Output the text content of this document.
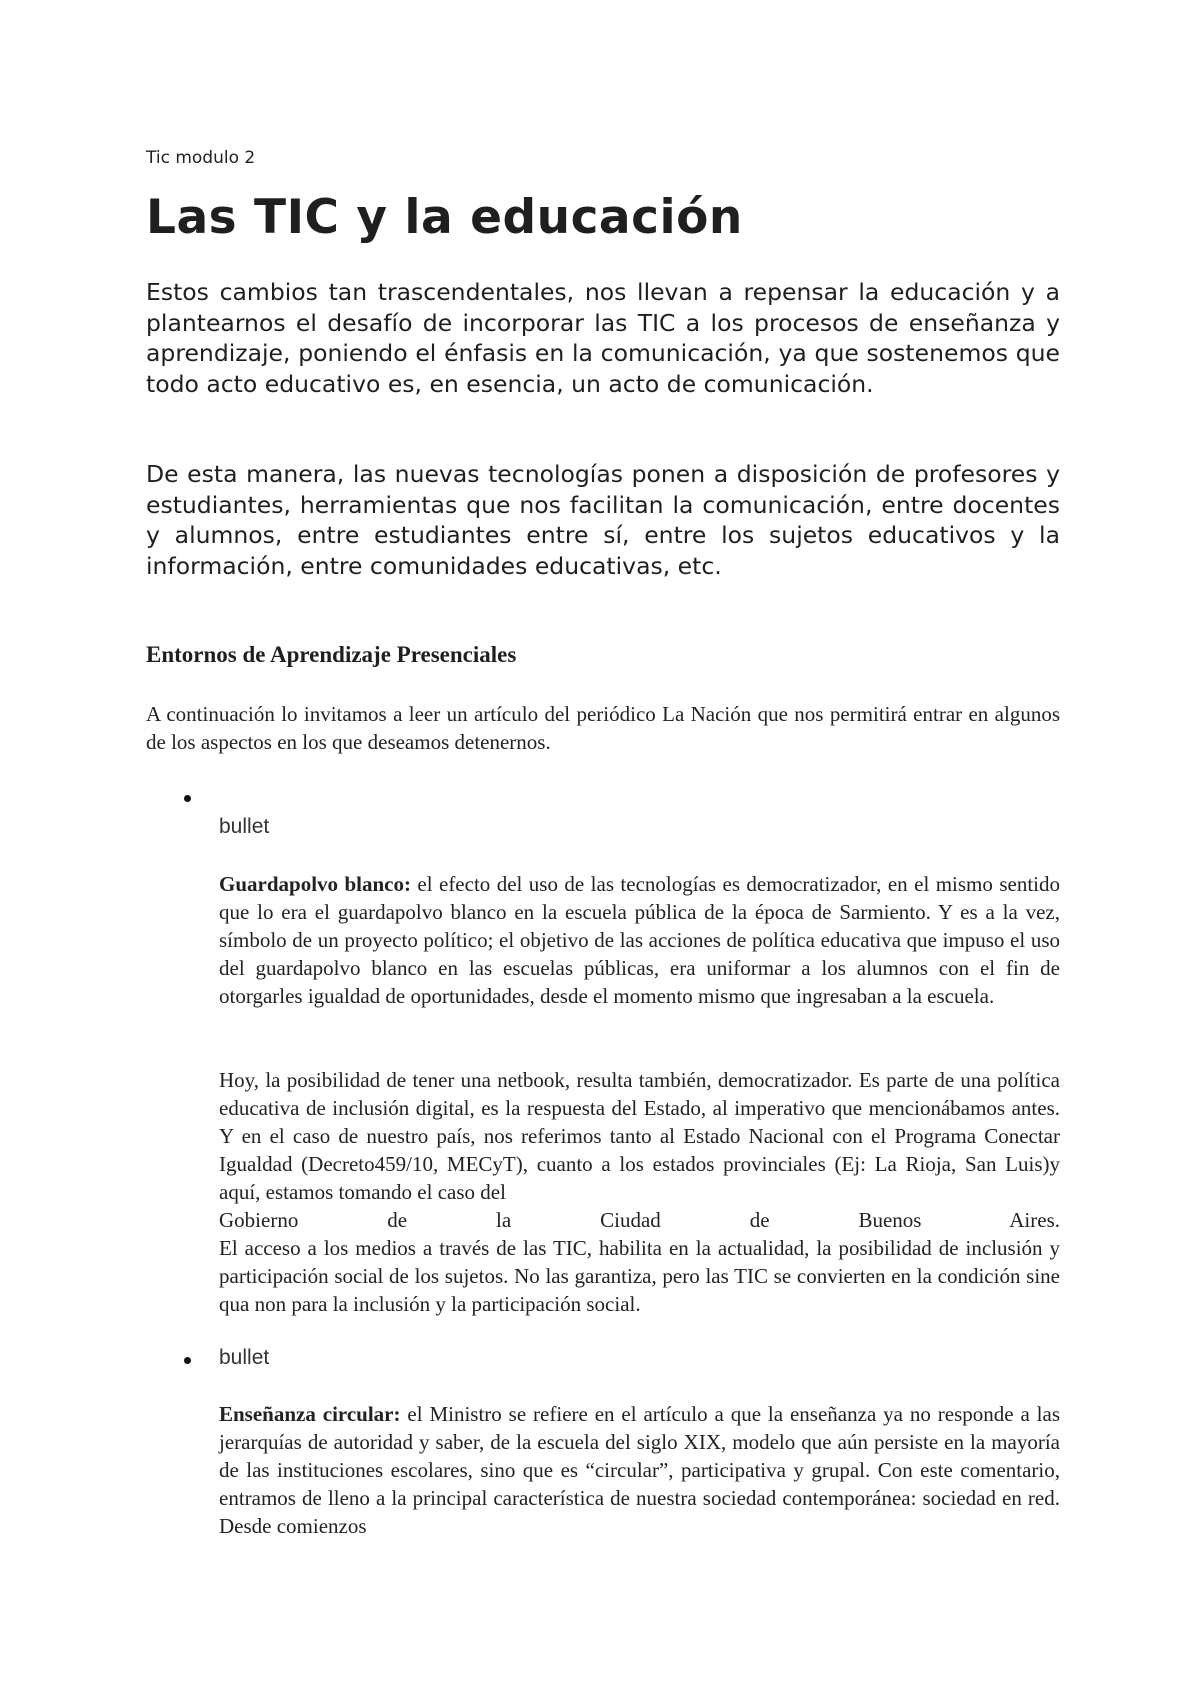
Tic modulo 2
Las TIC y la educación

Estos cambios tan trascendentales, nos llevan a repensar la educación y a plantearnos el desafío de incorporar las TIC a los procesos de enseñanza y aprendizaje, poniendo el énfasis en la comunicación, ya que sostenemos que todo acto educativo es, en esencia, un acto de comunicación.

De esta manera, las nuevas tecnologías ponen a disposición de profesores y estudiantes, herramientas que nos facilitan la comunicación, entre docentes y alumnos, entre estudiantes entre sí, entre los sujetos educativos y la información, entre comunidades educativas, etc.

Entornos de Aprendizaje Presenciales

A continuación lo invitamos a leer un artículo del periódico La Nación que nos permitirá entrar en algunos de los aspectos en los que deseamos detenernos.

bullet

Guardapolvo blanco: el efecto del uso de las tecnologías es democratizador, en el mismo sentido que lo era el guardapolvo blanco en la escuela pública de la época de Sarmiento. Y es a la vez, símbolo de un proyecto político; el objetivo de las acciones de política educativa que impuso el uso del guardapolvo blanco en las escuelas públicas, era uniformar a los alumnos con el fin de otorgarles igualdad de oportunidades, desde el momento mismo que ingresaban a la escuela.

Hoy, la posibilidad de tener una netbook, resulta también, democratizador. Es parte de una política educativa de inclusión digital, es la respuesta del Estado, al imperativo que mencionábamos antes. Y en el caso de nuestro país, nos referimos tanto al Estado Nacional con el Programa Conectar Igualdad (Decreto459/10, MECyT), cuanto a los estados provinciales (Ej: La Rioja, San Luis)y aquí, estamos tomando el caso del
Gobierno de la Ciudad de Buenos Aires.
El acceso a los medios a través de las TIC, habilita en la actualidad, la posibilidad de inclusión y participación social de los sujetos. No las garantiza, pero las TIC se convierten en la condición sine qua non para la inclusión y la participación social.

bullet

Enseñanza circular: el Ministro se refiere en el artículo a que la enseñanza ya no responde a las jerarquías de autoridad y saber, de la escuela del siglo XIX, modelo que aún persiste en la mayoría de las instituciones escolares, sino que es “circular”, participativa y grupal. Con este comentario, entramos de lleno a la principal característica de nuestra sociedad contemporánea: sociedad en red. Desde comienzos
